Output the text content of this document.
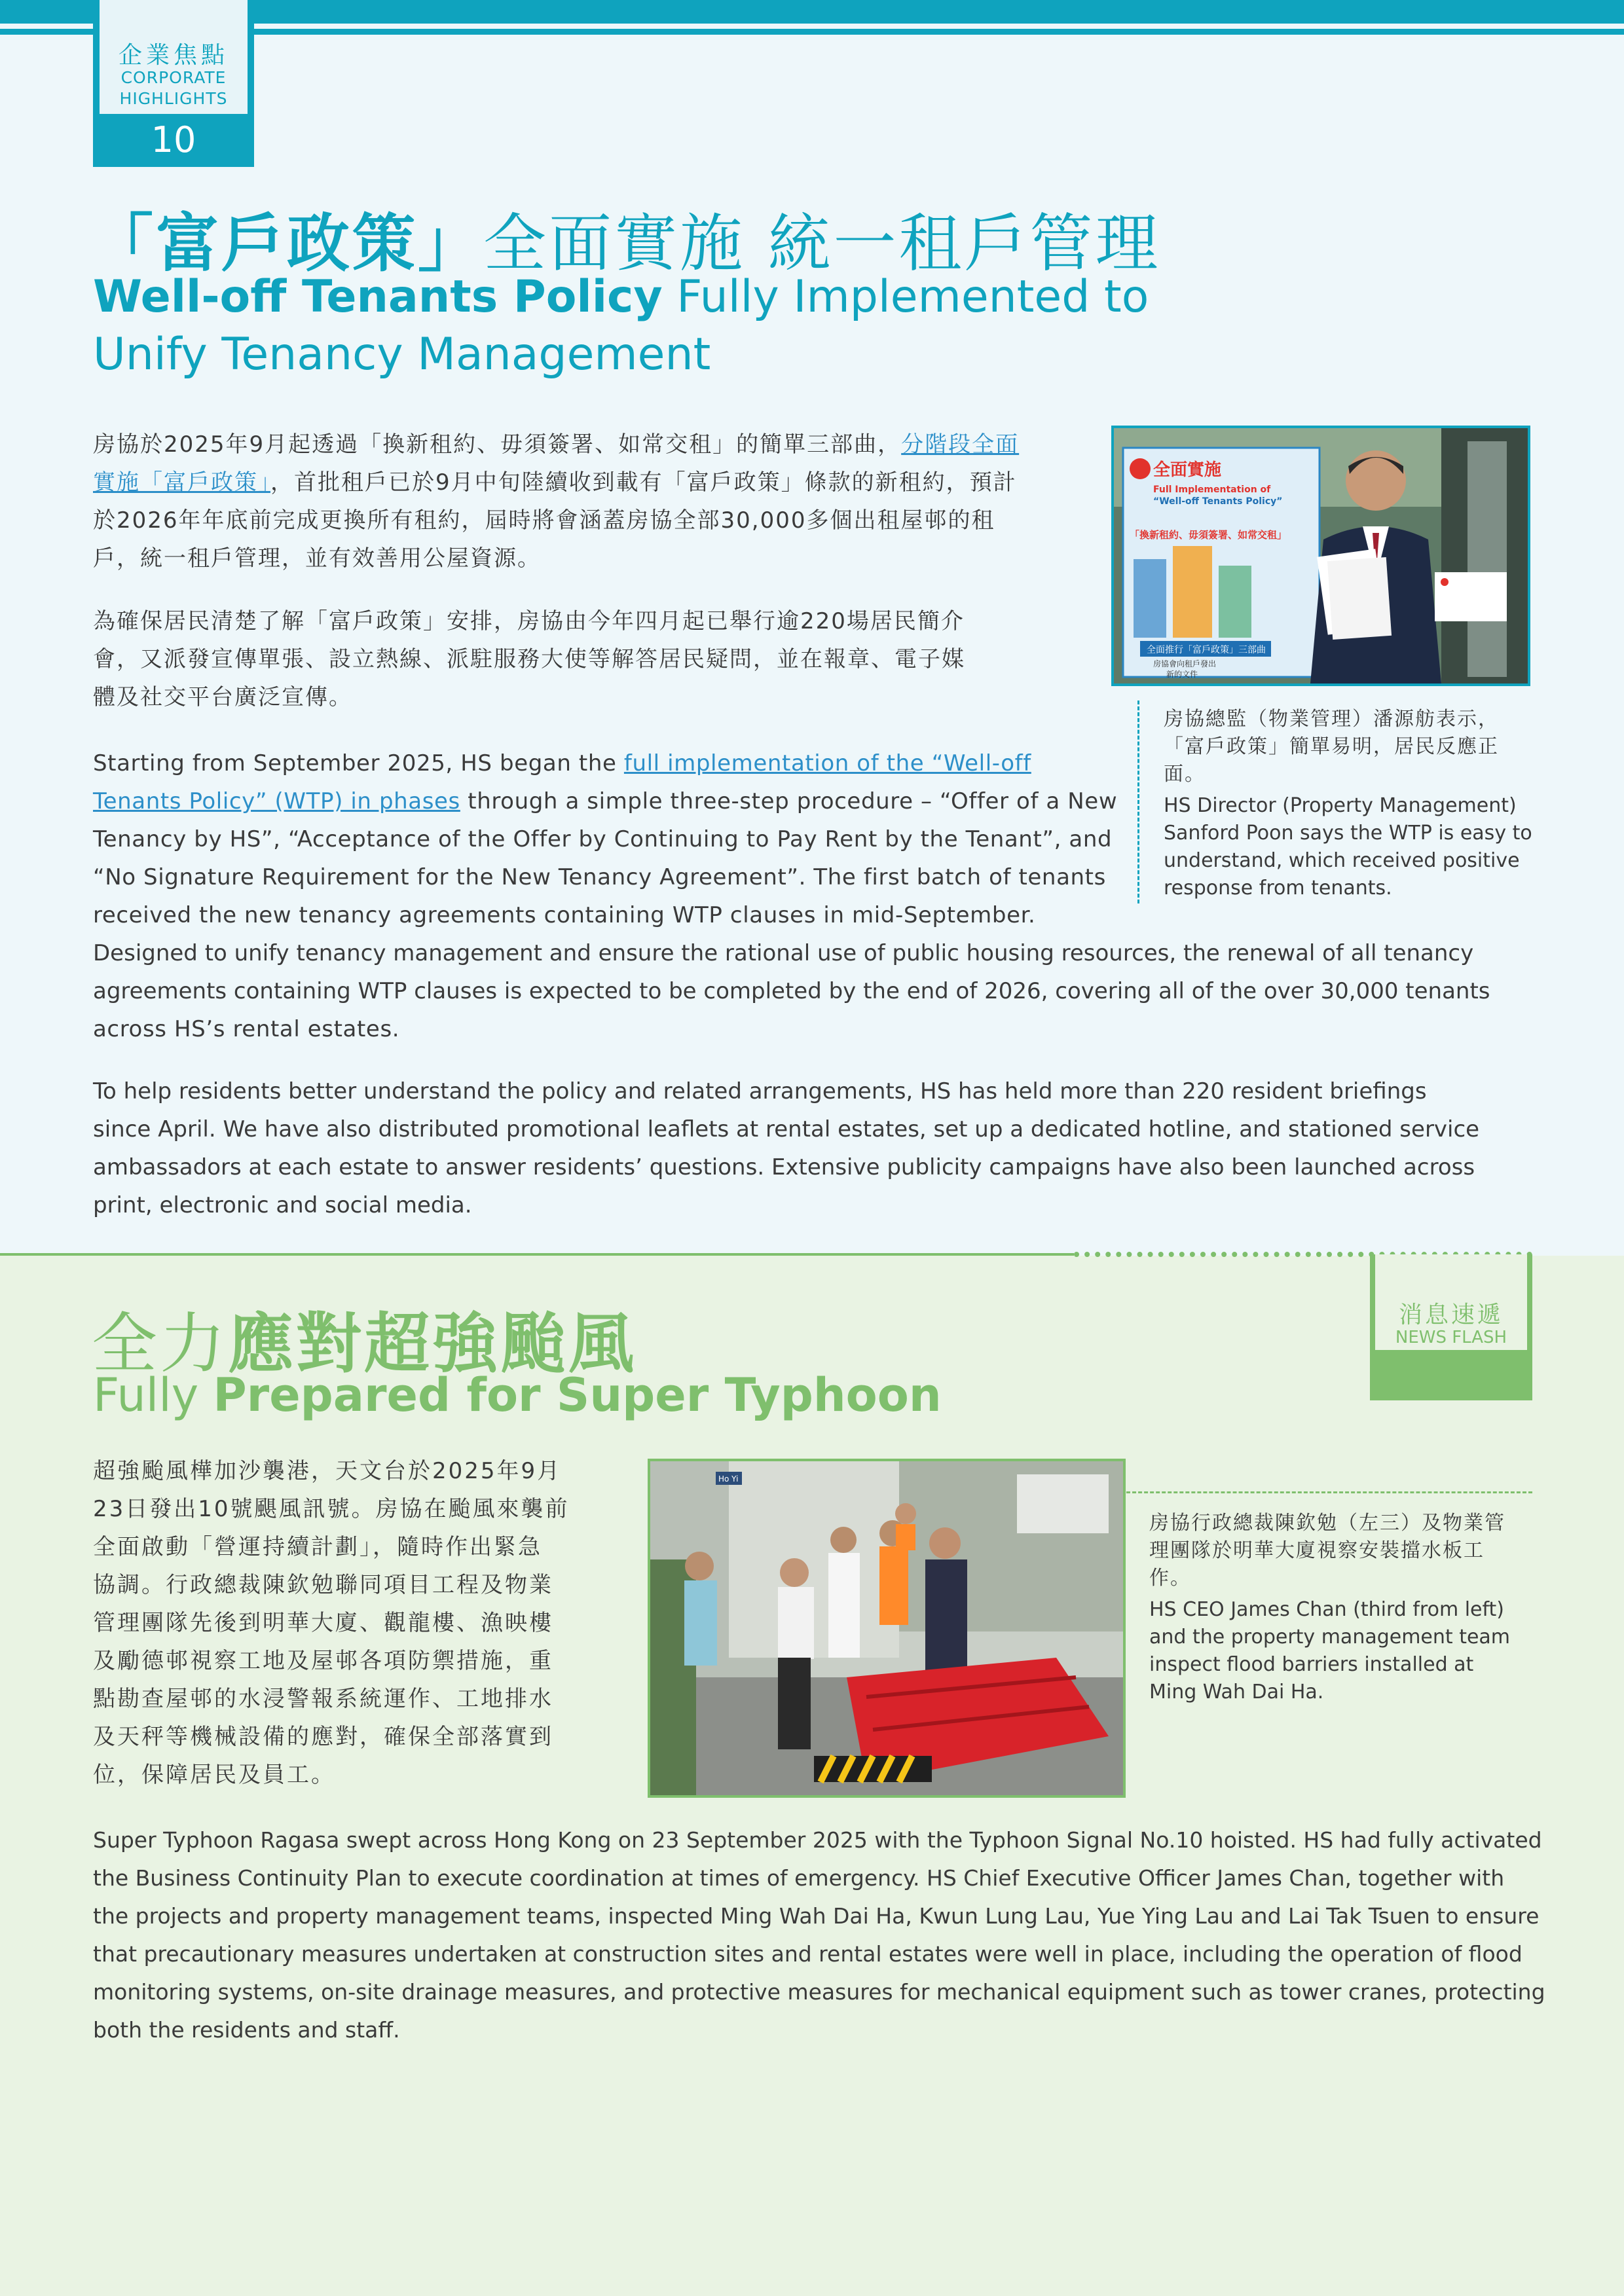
企業焦點
CORPORATE
HIGHLIGHTS
10
「富戶政策」全面實施 統一租戶管理
Well-off Tenants Policy Fully Implemented to
Unify Tenancy Management
房協於2025年9月起透過「換新租約、毋須簽署、如常交租」的簡單三部曲，分階段全面
實施「富戶政策」，首批租戶已於9月中旬陸續收到載有「富戶政策」條款的新租約，預計
於2026年年底前完成更換所有租約，屆時將會涵蓋房協全部30,000多個出租屋邨的租
戶，統一租戶管理，並有效善用公屋資源。
為確保居民清楚了解「富戶政策」安排，房協由今年四月起已舉行逾220場居民簡介
會，又派發宣傳單張、設立熱線、派駐服務大使等解答居民疑問，並在報章、電子媒
體及社交平台廣泛宣傳。
Starting from September 2025, HS began the full implementation of the “Well-off
Tenants Policy” (WTP) in phases through a simple three-step procedure – “Offer of a New
Tenancy by HS”, “Acceptance of the Offer by Continuing to Pay Rent by the Tenant”, and
“No Signature Requirement for the New Tenancy Agreement”. The first batch of tenants
received the new tenancy agreements containing WTP clauses in mid-September.
Designed to unify tenancy management and ensure the rational use of public housing resources, the renewal of all tenancy
agreements containing WTP clauses is expected to be completed by the end of 2026, covering all of the over 30,000 tenants
across HS’s rental estates.
To help residents better understand the policy and related arrangements, HS has held more than 220 resident briefings
since April. We have also distributed promotional leaflets at rental estates, set up a dedicated hotline, and stationed service
ambassadors at each estate to answer residents’ questions. Extensive publicity campaigns have also been launched across
print, electronic and social media.
全面實施
Full Implementation of
“Well-off Tenants Policy”
「換新租約、毋須簽署、如常交租」
全面推行「富戶政策」三部曲
房協會向租戶發出
新的文件
房協總監（物業管理）潘源舫表示，
「富戶政策」簡單易明，居民反應正
面。
HS Director (Property Management)
Sanford Poon says the WTP is easy to
understand, which received positive
response from tenants.
消息速遞
NEWS FLASH
全力應對超強颱風
Fully Prepared for Super Typhoon
超強颱風樺加沙襲港，天文台於2025年9月
23日發出10號颶風訊號。房協在颱風來襲前
全面啟動「營運持續計劃」，隨時作出緊急
協調。行政總裁陳欽勉聯同項目工程及物業
管理團隊先後到明華大廈、觀龍樓、漁映樓
及勵德邨視察工地及屋邨各項防禦措施，重
點勘查屋邨的水浸警報系統運作、工地排水
及天秤等機械設備的應對，確保全部落實到
位，保障居民及員工。
Ho Yi
房協行政總裁陳欽勉（左三）及物業管
理團隊於明華大廈視察安裝擋水板工
作。
HS CEO James Chan (third from left)
and the property management team
inspect flood barriers installed at
Ming Wah Dai Ha.
Super Typhoon Ragasa swept across Hong Kong on 23 September 2025 with the Typhoon Signal No.10 hoisted. HS had fully activated
the Business Continuity Plan to execute coordination at times of emergency. HS Chief Executive Officer James Chan, together with
the projects and property management teams, inspected Ming Wah Dai Ha, Kwun Lung Lau, Yue Ying Lau and Lai Tak Tsuen to ensure
that precautionary measures undertaken at construction sites and rental estates were well in place, including the operation of flood
monitoring systems, on-site drainage measures, and protective measures for mechanical equipment such as tower cranes, protecting
both the residents and staff.
